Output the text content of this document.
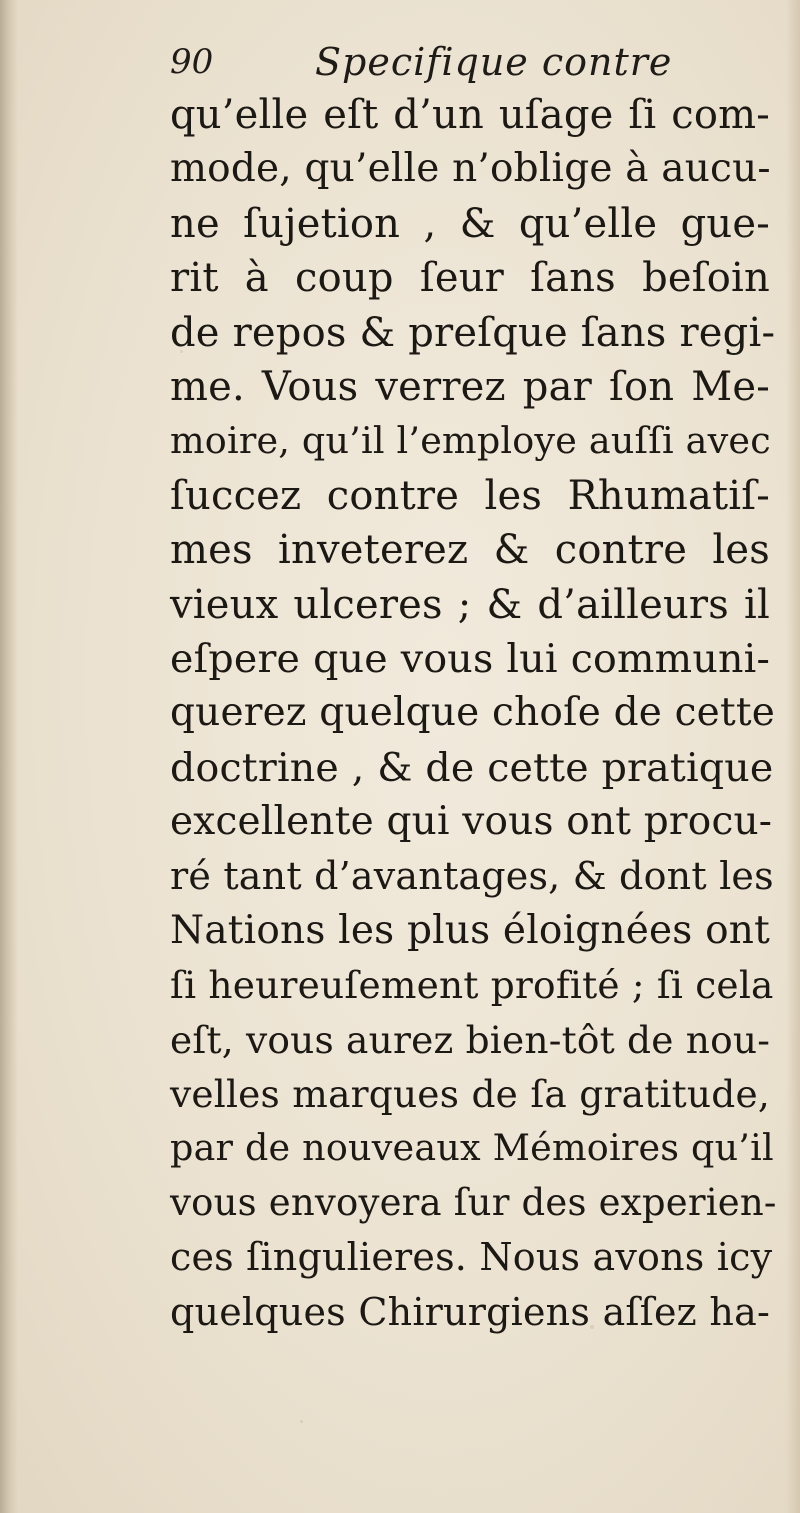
90	Specifique contre
qu’elle eſt d’un uſage ſi com-
mode, qu’elle n’oblige à aucu-
ne ſujetion , & qu’elle gue-
rit à coup ſeur ſans beſoin
de repos & preſque ſans regi-
me. Vous verrez par ſon Me-
moire, qu’il l’employe auſſi avec
ſuccez contre les Rhumatiſ-
mes inveterez & contre les
vieux ulceres ; & d’ailleurs il
eſpere que vous lui communi-
querez quelque choſe de cette
doctrine , & de cette pratique
excellente qui vous ont procu-
ré tant d’avantages, & dont les
Nations les plus éloignées ont
ſi heureuſement profité ; ſi cela
eſt, vous aurez bien-tôt de nou-
velles marques de ſa gratitude,
par de nouveaux Mémoires qu’il
vous envoyera ſur des experien-
ces ſingulieres. Nous avons icy
quelques Chirurgiens aſſez ha-
